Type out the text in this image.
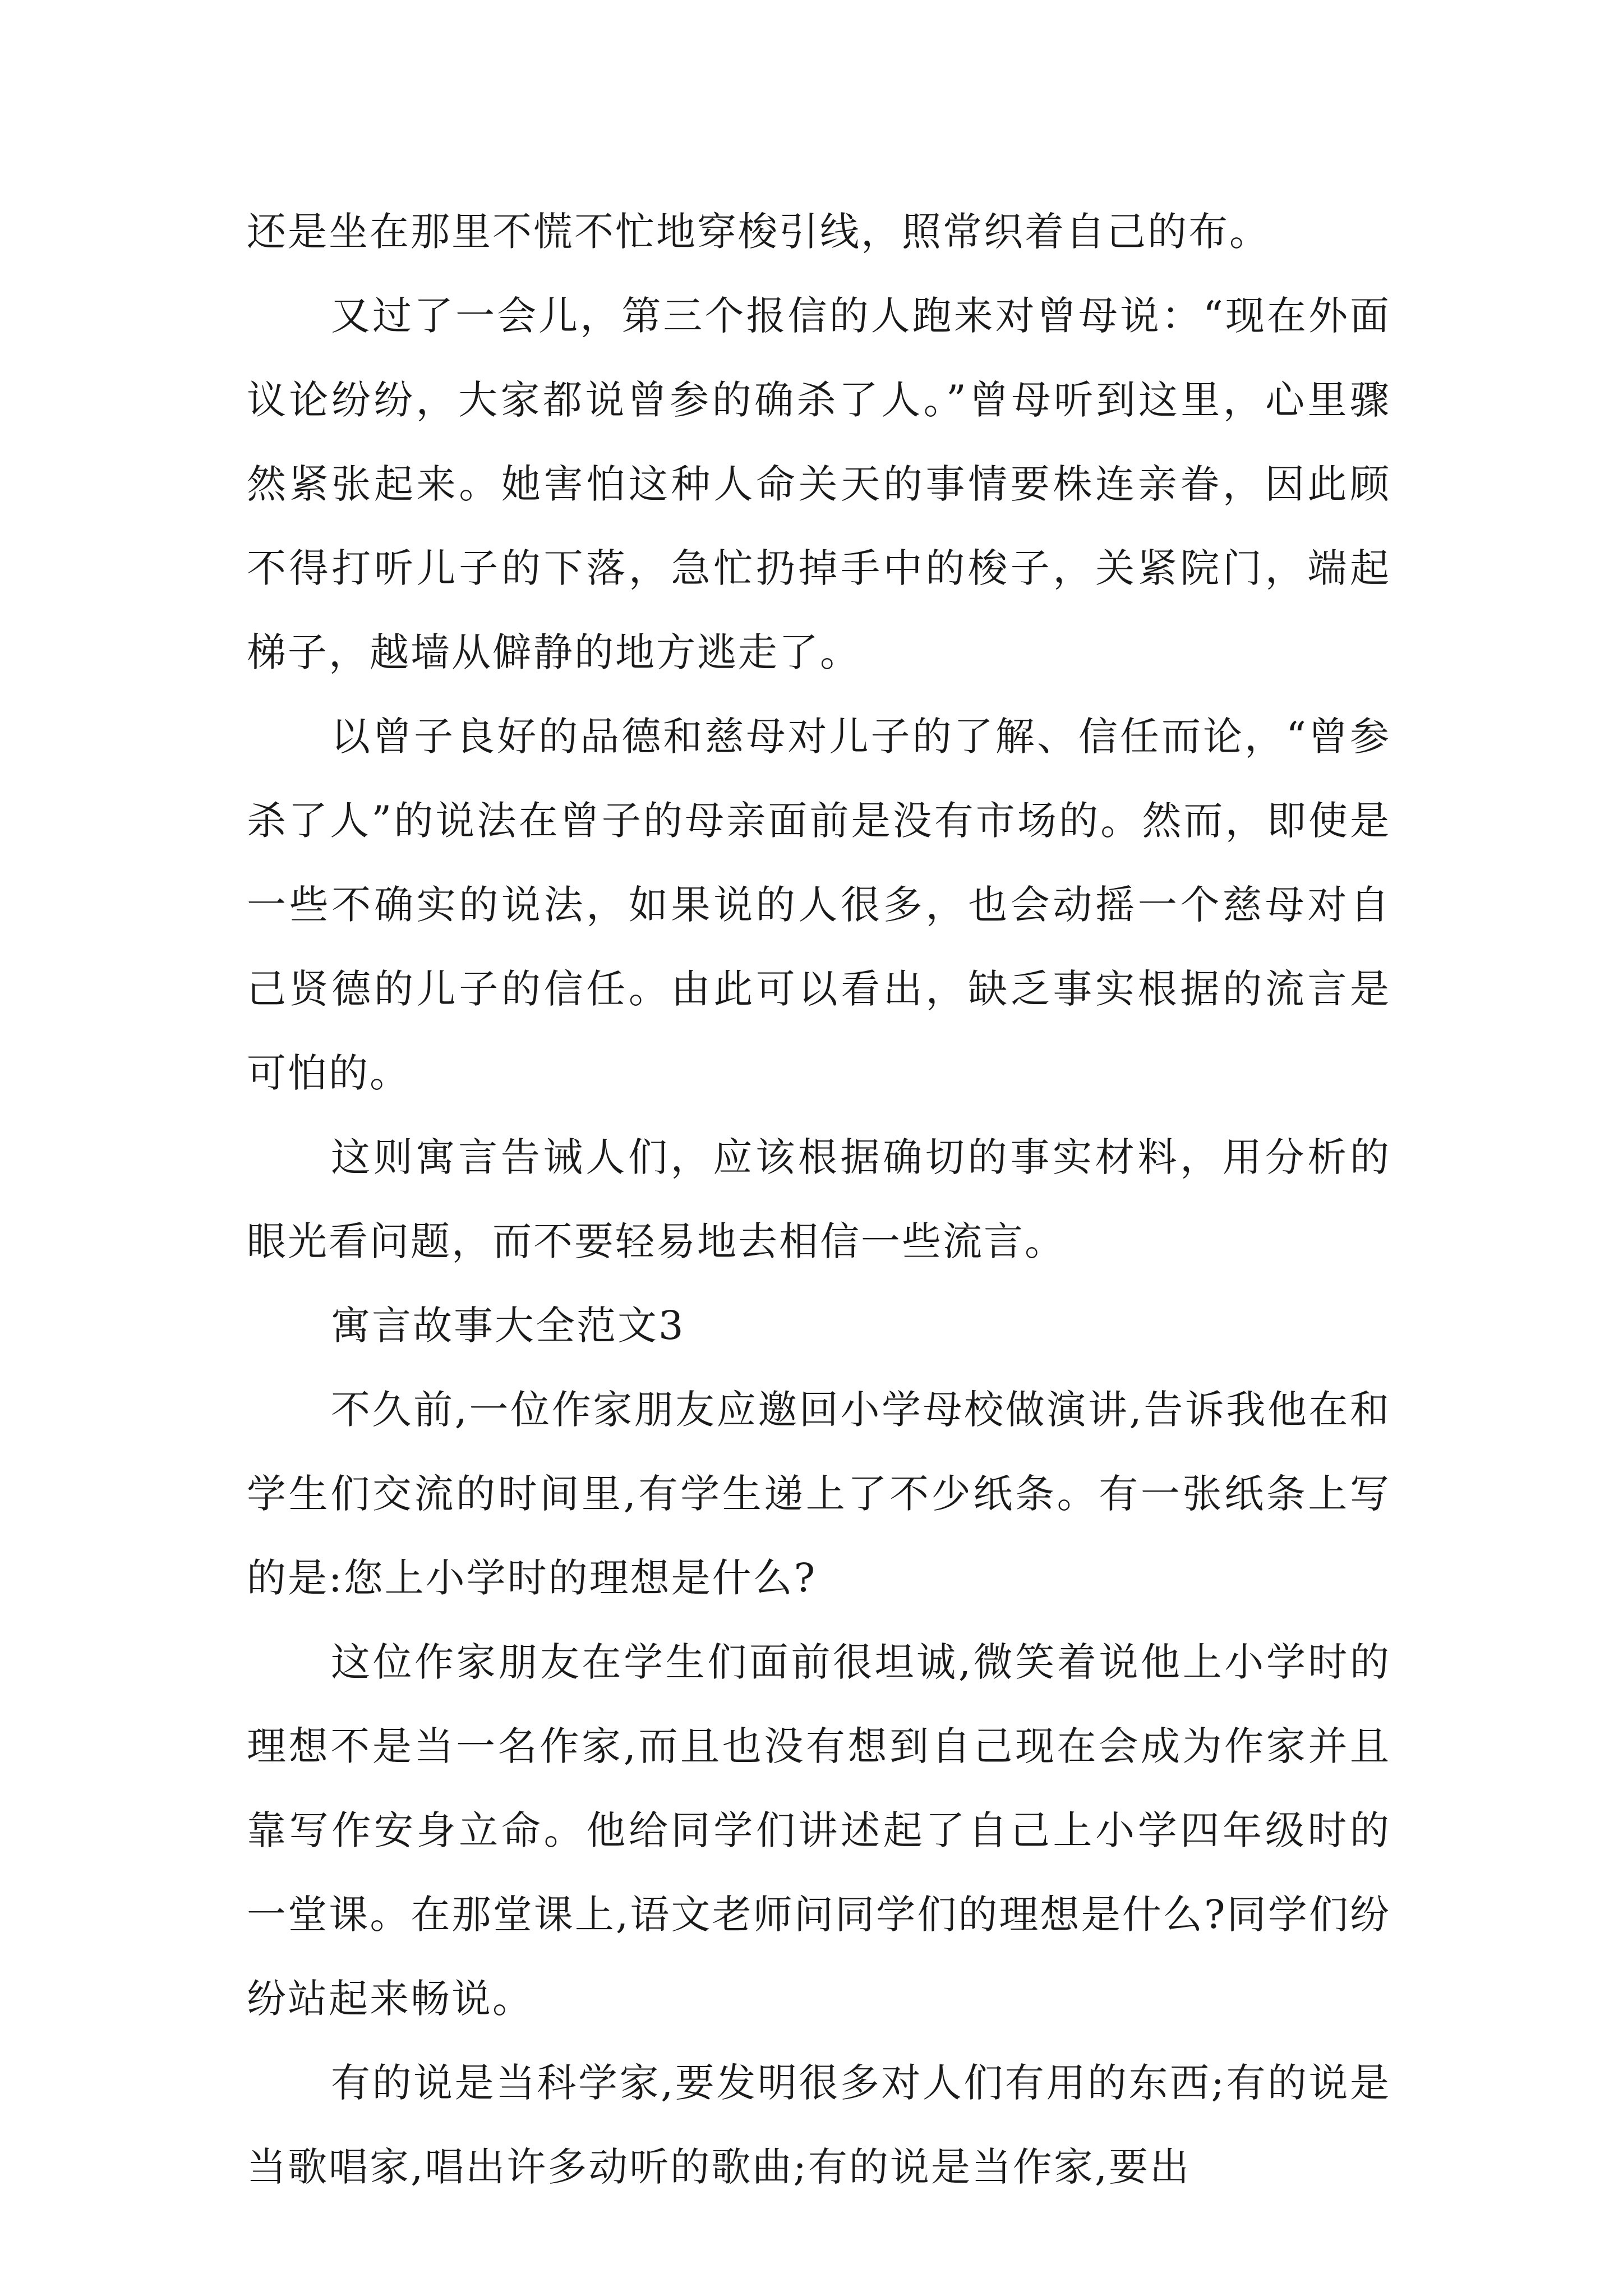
还是坐在那里不慌不忙地穿梭引线，照常织着自己的布。

又过了一会儿，第三个报信的人跑来对曾母说：“现在外面议论纷纷，大家都说曾参的确杀了人。”曾母听到这里，心里骤然紧张起来。她害怕这种人命关天的事情要株连亲眷，因此顾不得打听儿子的下落，急忙扔掉手中的梭子，关紧院门，端起梯子，越墙从僻静的地方逃走了。

以曾子良好的品德和慈母对儿子的了解、信任而论，“曾参杀了人”的说法在曾子的母亲面前是没有市场的。然而，即使是一些不确实的说法，如果说的人很多，也会动摇一个慈母对自己贤德的儿子的信任。由此可以看出，缺乏事实根据的流言是可怕的。

这则寓言告诫人们，应该根据确切的事实材料，用分析的眼光看问题，而不要轻易地去相信一些流言。

寓言故事大全范文3

不久前,一位作家朋友应邀回小学母校做演讲,告诉我他在和学生们交流的时间里,有学生递上了不少纸条。有一张纸条上写的是:您上小学时的理想是什么?

这位作家朋友在学生们面前很坦诚,微笑着说他上小学时的理想不是当一名作家,而且也没有想到自己现在会成为作家并且靠写作安身立命。他给同学们讲述起了自己上小学四年级时的一堂课。在那堂课上,语文老师问同学们的理想是什么?同学们纷纷站起来畅说。

有的说是当科学家,要发明很多对人们有用的东西;有的说是当歌唱家,唱出许多动听的歌曲;有的说是当作家,要出
